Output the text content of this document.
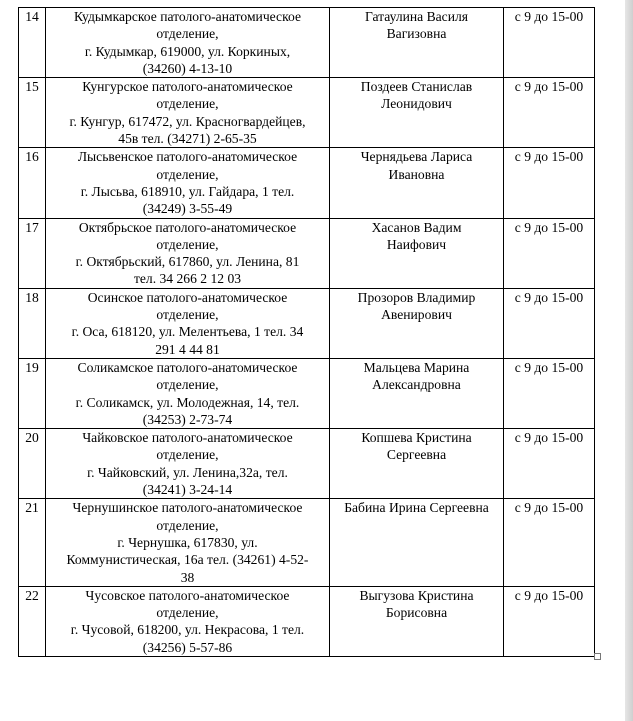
14	Кудымкарское патолого-анатомическое
отделение,
г. Кудымкар, 619000, ул. Коркиных,
(34260) 4-13-10	Гатаулина Василя
Вагизовна	с 9 до 15-00
15	Кунгурское патолого-анатомическое
отделение,
г. Кунгур, 617472, ул. Красногвардейцев,
45в тел. (34271) 2-65-35	Поздеев Станислав
Леонидович	с 9 до 15-00
16	Лысьвенское патолого-анатомическое
отделение,
г. Лысьва, 618910, ул. Гайдара, 1 тел.
(34249) 3-55-49	Чернядьева Лариса
Ивановна	с 9 до 15-00
17	Октябрьское патолого-анатомическое
отделение,
г. Октябрьский, 617860, ул. Ленина, 81
тел. 34 266 2 12 03	Хасанов Вадим
Наифович	с 9 до 15-00
18	Осинское патолого-анатомическое
отделение,
г. Оса, 618120, ул. Мелентьева, 1 тел. 34
291 4 44 81	Прозоров Владимир
Авенирович	с 9 до 15-00
19	Соликамское патолого-анатомическое
отделение,
г. Соликамск, ул. Молодежная, 14, тел.
(34253) 2-73-74	Мальцева Марина
Александровна	с 9 до 15-00
20	Чайковское патолого-анатомическое
отделение,
г. Чайковский, ул. Ленина,32а, тел.
(34241) 3-24-14	Копшева Кристина
Сергеевна	с 9 до 15-00
21	Чернушинское патолого-анатомическое
отделение,
г. Чернушка, 617830, ул.
Коммунистическая, 16а тел. (34261) 4-52-
38	Бабина Ирина Сергеевна	с 9 до 15-00
22	Чусовское патолого-анатомическое
отделение,
г. Чусовой, 618200, ул. Некрасова, 1 тел.
(34256) 5-57-86	Выгузова Кристина
Борисовна	с 9 до 15-00
